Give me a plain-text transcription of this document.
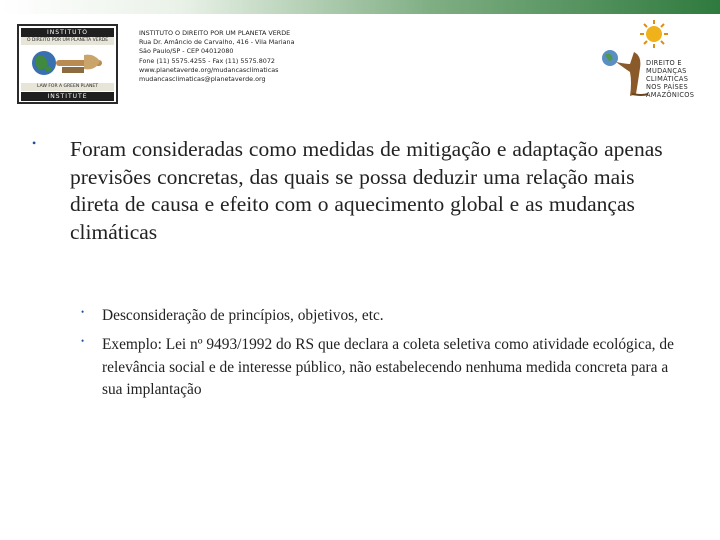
INSTITUTO
O DIREITO POR UM PLANETA VERDE
LAW FOR A GREEN PLANET
INSTITUTE
INSTITUTO O DIREITO POR UM PLANETA VERDE
Rua Dr. Amâncio de Carvalho, 416 - Vila Mariana
São Paulo/SP - CEP 04012080
Fone (11) 5575.4255 - Fax (11) 5575.8072
www.planetaverde.org/mudancasclimaticas
mudancasclimaticas@planetaverde.org
DIREITO E
MUDANÇAS
CLIMÁTICAS
NOS PAÍSES
AMAZÔNICOS
• Foram consideradas como medidas de mitigação e adaptação apenas previsões concretas, das quais se possa deduzir uma relação mais direta de causa e efeito com o aquecimento global e as mudanças climáticas
• Desconsideração de princípios, objetivos, etc.
• Exemplo: Lei nº 9493/1992 do RS que declara a coleta seletiva como atividade ecológica, de relevância social e de interesse público, não estabelecendo nenhuma medida concreta para a sua implantação
